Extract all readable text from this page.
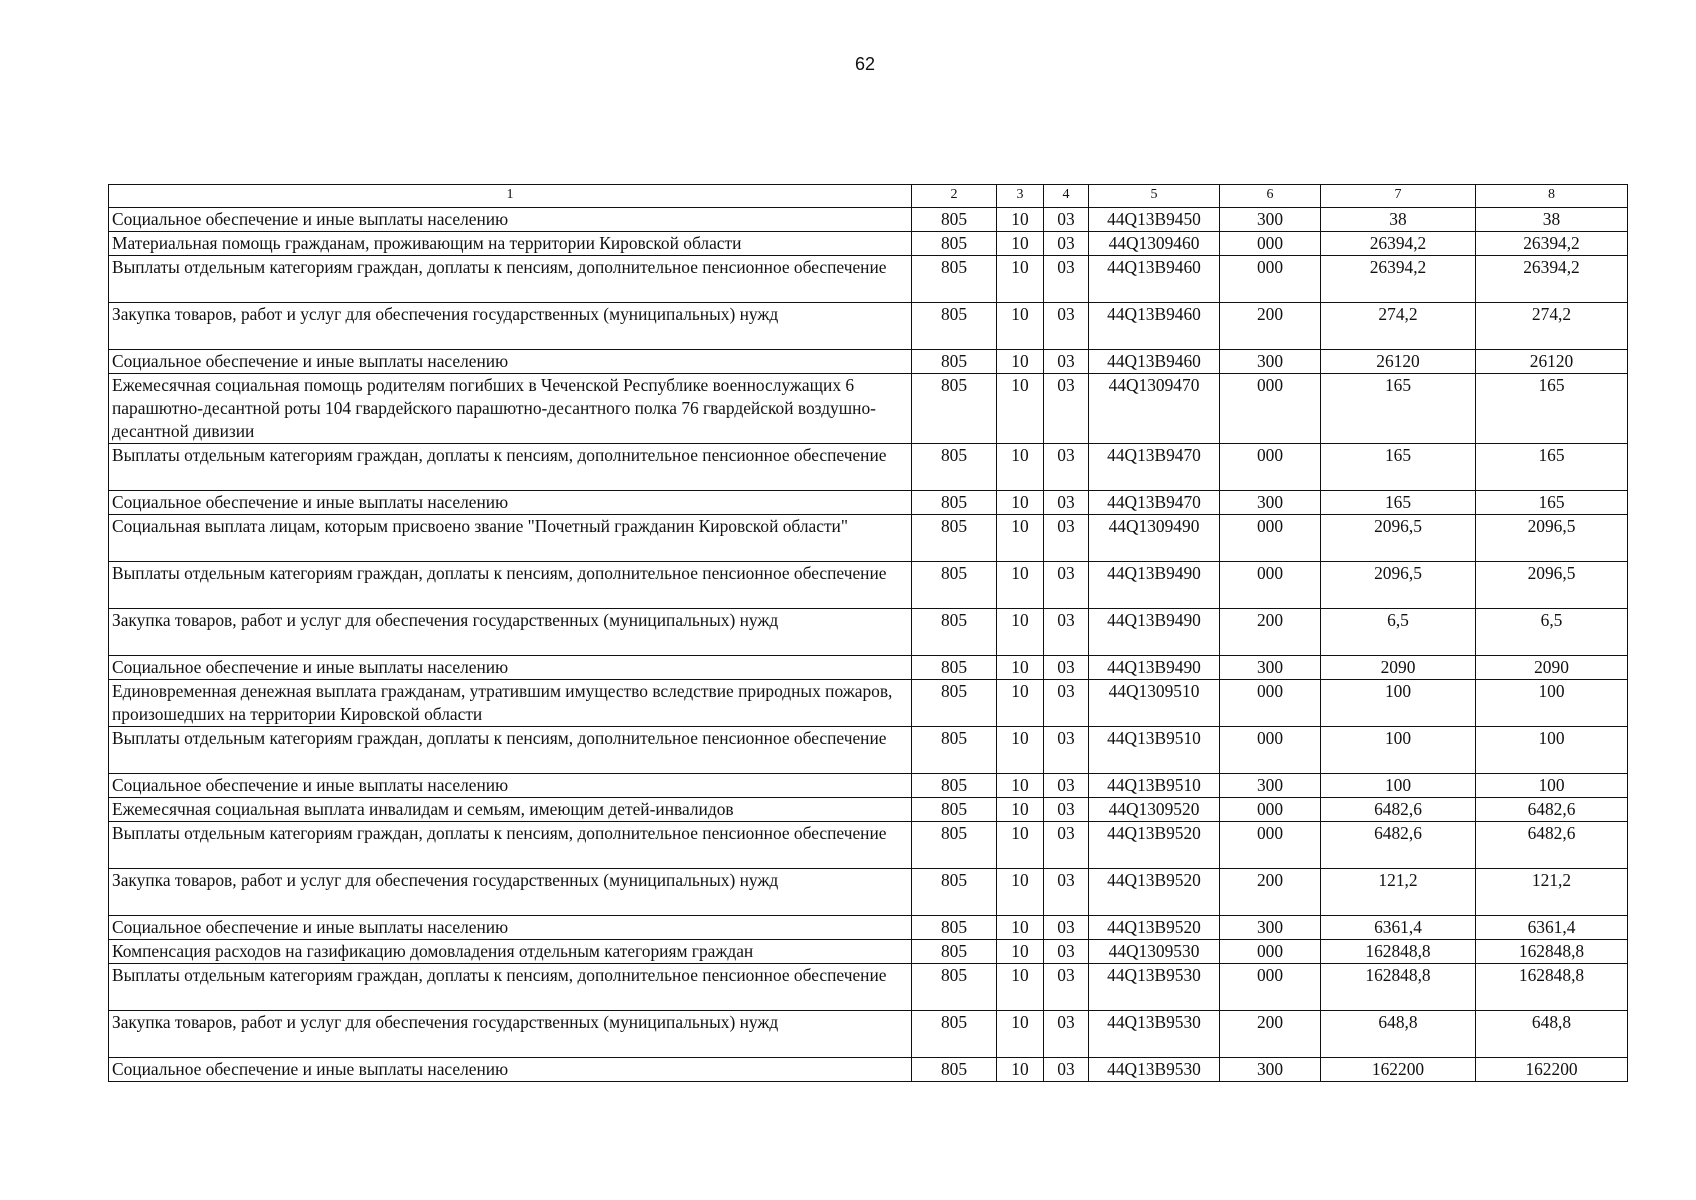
62
1	2	3	4	5	6	7	8
Социальное обеспечение и иные выплаты населению	805	10	03	44Q13B9450	300	38	38
Материальная помощь гражданам, проживающим на территории Кировской области	805	10	03	44Q1309460	000	26394,2	26394,2
Выплаты отдельным категориям граждан, доплаты к пенсиям, дополнительное пенсионное обеспечение	805	10	03	44Q13B9460	000	26394,2	26394,2
Закупка товаров, работ и услуг для обеспечения государственных (муниципальных) нужд	805	10	03	44Q13B9460	200	274,2	274,2
Социальное обеспечение и иные выплаты населению	805	10	03	44Q13B9460	300	26120	26120
Ежемесячная социальная помощь родителям погибших в Чеченской Республике военнослужащих 6 парашютно-десантной роты 104 гвардейского парашютно-десантного полка 76 гвардейской воздушно-десантной дивизии	805	10	03	44Q1309470	000	165	165
Выплаты отдельным категориям граждан, доплаты к пенсиям, дополнительное пенсионное обеспечение	805	10	03	44Q13B9470	000	165	165
Социальное обеспечение и иные выплаты населению	805	10	03	44Q13B9470	300	165	165
Социальная выплата лицам, которым присвоено звание "Почетный гражданин Кировской области"	805	10	03	44Q1309490	000	2096,5	2096,5
Выплаты отдельным категориям граждан, доплаты к пенсиям, дополнительное пенсионное обеспечение	805	10	03	44Q13B9490	000	2096,5	2096,5
Закупка товаров, работ и услуг для обеспечения государственных (муниципальных) нужд	805	10	03	44Q13B9490	200	6,5	6,5
Социальное обеспечение и иные выплаты населению	805	10	03	44Q13B9490	300	2090	2090
Единовременная денежная выплата гражданам, утратившим имущество вследствие природных пожаров, произошедших на территории Кировской области	805	10	03	44Q1309510	000	100	100
Выплаты отдельным категориям граждан, доплаты к пенсиям, дополнительное пенсионное обеспечение	805	10	03	44Q13B9510	000	100	100
Социальное обеспечение и иные выплаты населению	805	10	03	44Q13B9510	300	100	100
Ежемесячная социальная выплата инвалидам и семьям, имеющим детей-инвалидов	805	10	03	44Q1309520	000	6482,6	6482,6
Выплаты отдельным категориям граждан, доплаты к пенсиям, дополнительное пенсионное обеспечение	805	10	03	44Q13B9520	000	6482,6	6482,6
Закупка товаров, работ и услуг для обеспечения государственных (муниципальных) нужд	805	10	03	44Q13B9520	200	121,2	121,2
Социальное обеспечение и иные выплаты населению	805	10	03	44Q13B9520	300	6361,4	6361,4
Компенсация расходов на газификацию домовладения отдельным категориям граждан	805	10	03	44Q1309530	000	162848,8	162848,8
Выплаты отдельным категориям граждан, доплаты к пенсиям, дополнительное пенсионное обеспечение	805	10	03	44Q13B9530	000	162848,8	162848,8
Закупка товаров, работ и услуг для обеспечения государственных (муниципальных) нужд	805	10	03	44Q13B9530	200	648,8	648,8
Социальное обеспечение и иные выплаты населению	805	10	03	44Q13B9530	300	162200	162200
